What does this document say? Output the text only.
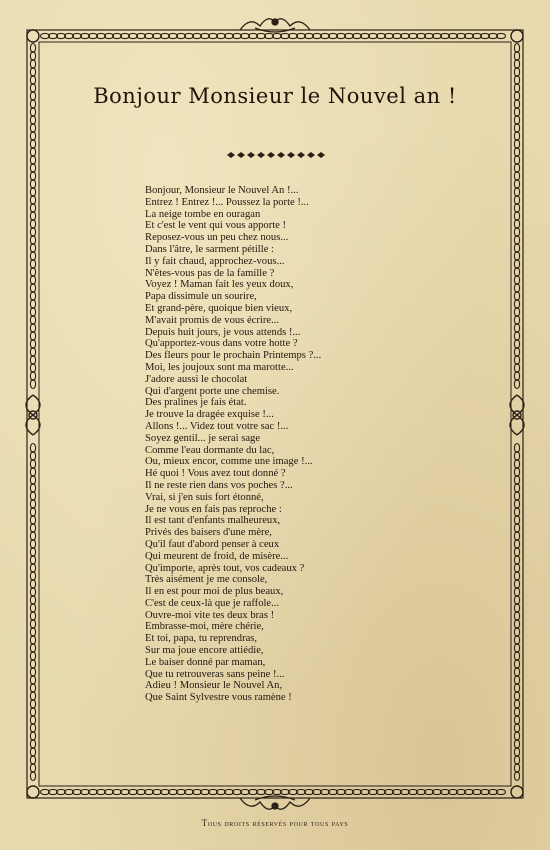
Bonjour Monsieur le Nouvel an !
Bonjour, Monsieur le Nouvel An !...
Entrez ! Entrez !... Poussez la porte !...
La neige tombe en ouragan
Et c'est le vent qui vous apporte !
Reposez-vous un peu chez nous...
Dans l'âtre, le sarment pétille :
Il y fait chaud, approchez-vous...
N'êtes-vous pas de la famille ?
Voyez ! Maman fait les yeux doux,
Papa dissimule un sourire,
Et grand-père, quoique bien vieux,
M'avait promis de vous écrire...
Depuis huit jours, je vous attends !...
Qu'apportez-vous dans votre hotte ?
Des fleurs pour le prochain Printemps ?...
Moi, les joujoux sont ma marotte...
J'adore aussi le chocolat
Qui d'argent porte une chemise.
Des pralines je fais état.
Je trouve la dragée exquise !...
Allons !... Videz tout votre sac !...
Soyez gentil... je serai sage
Comme l'eau dormante du lac,
Ou, mieux encor, comme une image !...
Hé quoi ! Vous avez tout donné ?
Il ne reste rien dans vos poches ?...
Vrai, si j'en suis fort étonné,
Je ne vous en fais pas reproche :
Il est tant d'enfants malheureux,
Privés des baisers d'une mère,
Qu'il faut d'abord penser à ceux
Qui meurent de froid, de misère...
Qu'importe, après tout, vos cadeaux ?
Très aisément je me console,
Il en est pour moi de plus beaux,
C'est de ceux-là que je raffole...
Ouvre-moi vite tes deux bras !
Embrasse-moi, mère chérie,
Et toi, papa, tu reprendras,
Sur ma joue encore attiédie,
Le baiser donné par maman,
Que tu retrouveras sans peine !...
Adieu ! Monsieur le Nouvel An,
Que Saint Sylvestre vous ramène !
Tous droits réservés pour tous pays
